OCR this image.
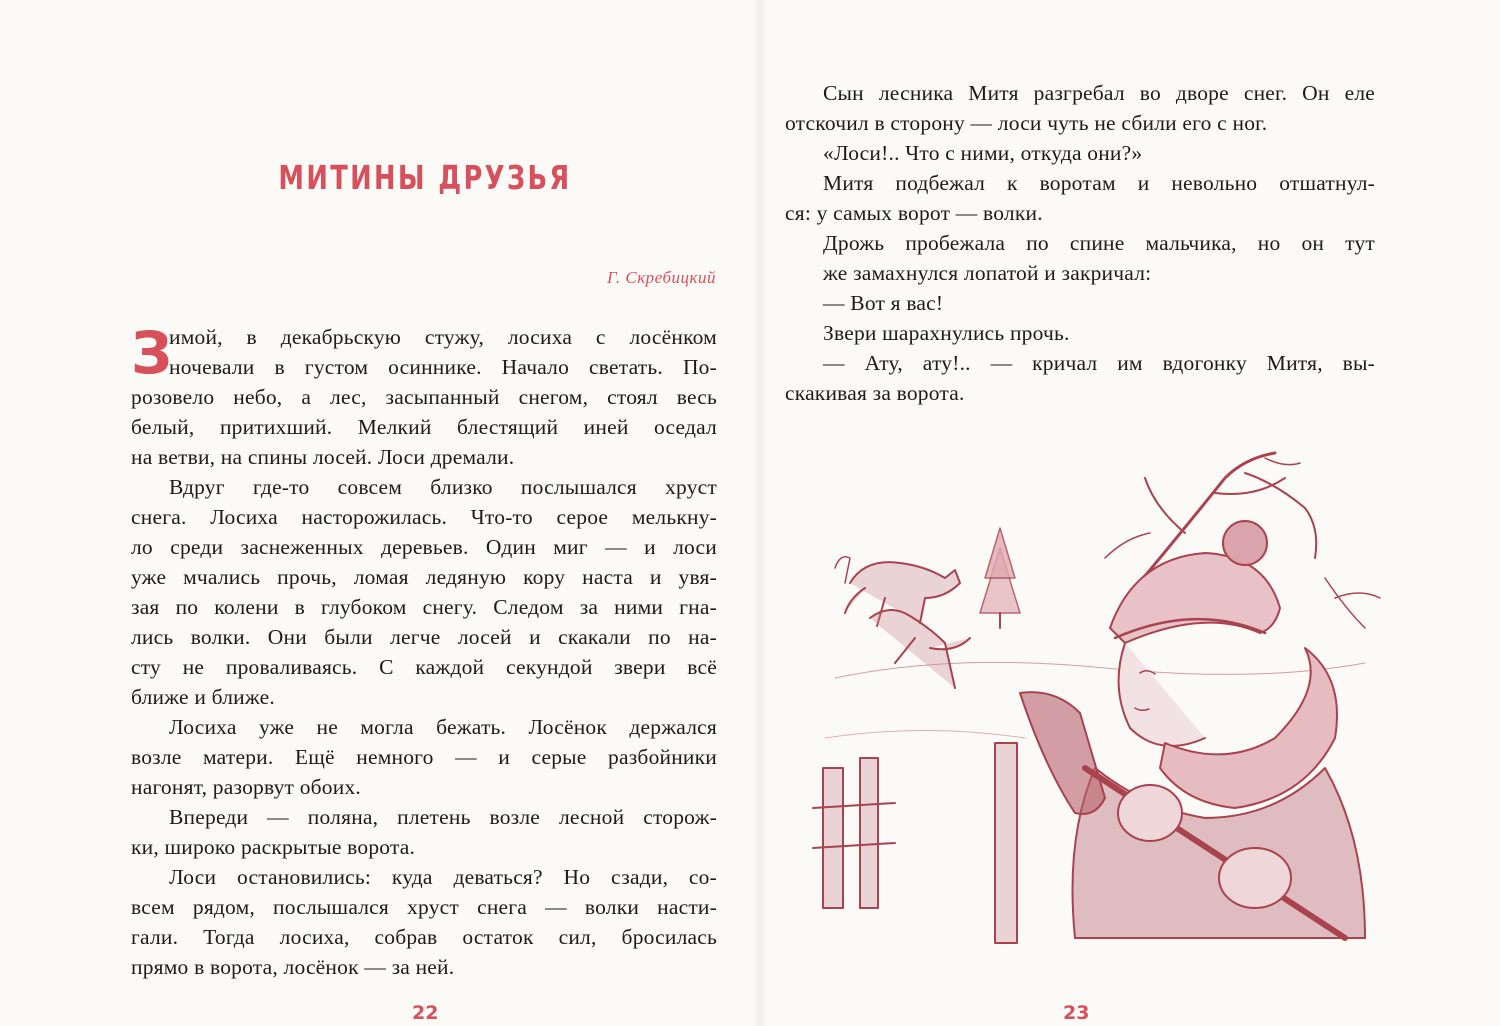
МИТИНЫ ДРУЗЬЯ
Г. Скребицкий
З
имой, в декабрьскую стужу, лосиха с лосёнком
ночевали в густом осиннике. Начало светать. По-
розовело небо, а лес, засыпанный снегом, стоял весь
белый, притихший. Мелкий блестящий иней оседал
на ветви, на спины лосей. Лоси дремали.
Вдруг где-то совсем близко послышался хруст
снега. Лосиха насторожилась. Что-то серое мелькну-
ло среди заснеженных деревьев. Один миг — и лоси
уже мчались прочь, ломая ледяную кору наста и увя-
зая по колени в глубоком снегу. Следом за ними гна-
лись волки. Они были легче лосей и скакали по на-
сту не проваливаясь. С каждой секундой звери всё
ближе и ближе.
Лосиха уже не могла бежать. Лосёнок держался
возле матери. Ещё немного — и серые разбойники
нагонят, разорвут обоих.
Впереди — поляна, плетень возле лесной сторож-
ки, широко раскрытые ворота.
Лоси остановились: куда деваться? Но сзади, со-
всем рядом, послышался хруст снега — волки насти-
гали. Тогда лосиха, собрав остаток сил, бросилась
прямо в ворота, лосёнок — за ней.
22
Сын лесника Митя разгребал во дворе снег. Он еле
отскочил в сторону — лоси чуть не сбили его с ног.
«Лоси!.. Что с ними, откуда они?»
Митя подбежал к воротам и невольно отшатнул-
ся: у самых ворот — волки.
Дрожь пробежала по спине мальчика, но он тут
же замахнулся лопатой и закричал:
— Вот я вас!
Звери шарахнулись прочь.
— Ату, ату!.. — кричал им вдогонку Митя, вы-
скакивая за ворота.
23
